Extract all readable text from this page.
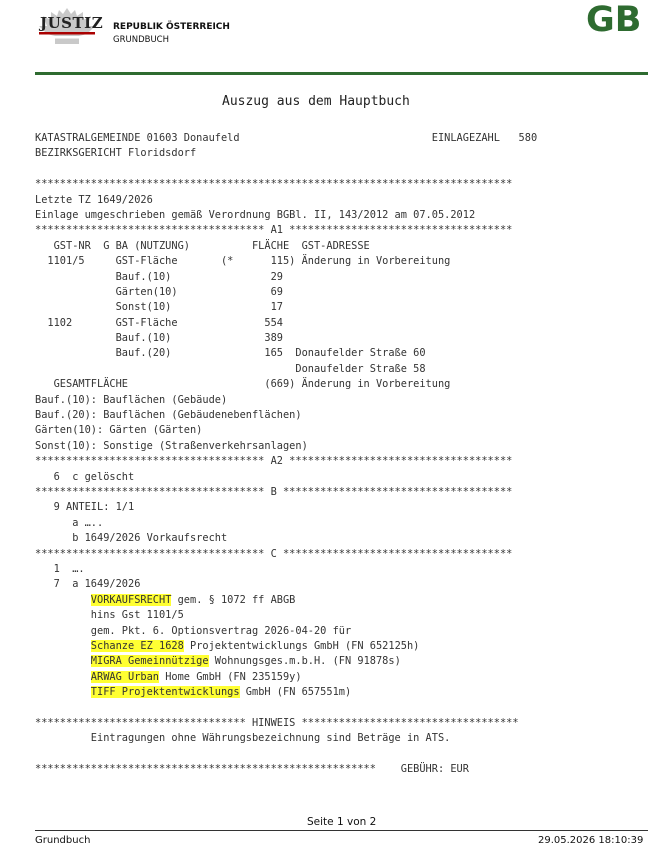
JUSTIZ REPUBLIK ÖSTERREICH
GRUNDBUCH	GB
Auszug aus dem Hauptbuch
KATASTRALGEMEINDE 01603 Donaufeld                               EINLAGEZAHL   580
BEZIRKSGERICHT Floridsdorf

*****************************************************************************
Letzte TZ 1649/2026
Einlage umgeschrieben gemäß Verordnung BGBl. II, 143/2012 am 07.05.2012
************************************* A1 ************************************
GST-NR  G BA (NUTZUNG)          FLÄCHE  GST-ADRESSE
1101/5     GST-Fläche       (*      115) Änderung in Vorbereitung
Bauf.(10)                29
Gärten(10)               69
Sonst(10)                17
1102       GST-Fläche              554
Bauf.(10)               389
Bauf.(20)               165  Donaufelder Straße 60
Donaufelder Straße 58
GESAMTFLÄCHE                      (669) Änderung in Vorbereitung
Bauf.(10): Bauflächen (Gebäude)
Bauf.(20): Bauflächen (Gebäudenebenflächen)
Gärten(10): Gärten (Gärten)
Sonst(10): Sonstige (Straßenverkehrsanlagen)
************************************* A2 ************************************
6  c gelöscht
************************************* B *************************************
9 ANTEIL: 1/1
a …..
b 1649/2026 Vorkaufsrecht
************************************* C *************************************
1  ….
7  a 1649/2026
VORKAUFSRECHT gem. § 1072 ff ABGB
hins Gst 1101/5
gem. Pkt. 6. Optionsvertrag 2026-04-20 für
Schanze EZ 1628 Projektentwicklungs GmbH (FN 652125h)
MIGRA Gemeinnützige Wohnungsges.m.b.H. (FN 91878s)
ARWAG Urban Home GmbH (FN 235159y)
TIFF Projektentwicklungs GmbH (FN 657551m)

********************************** HINWEIS ***********************************
Eintragungen ohne Währungsbezeichnung sind Beträge in ATS.

*******************************************************    GEBÜHR: EUR
Seite 1 von 2
Grundbuch	29.05.2026 18:10:39
